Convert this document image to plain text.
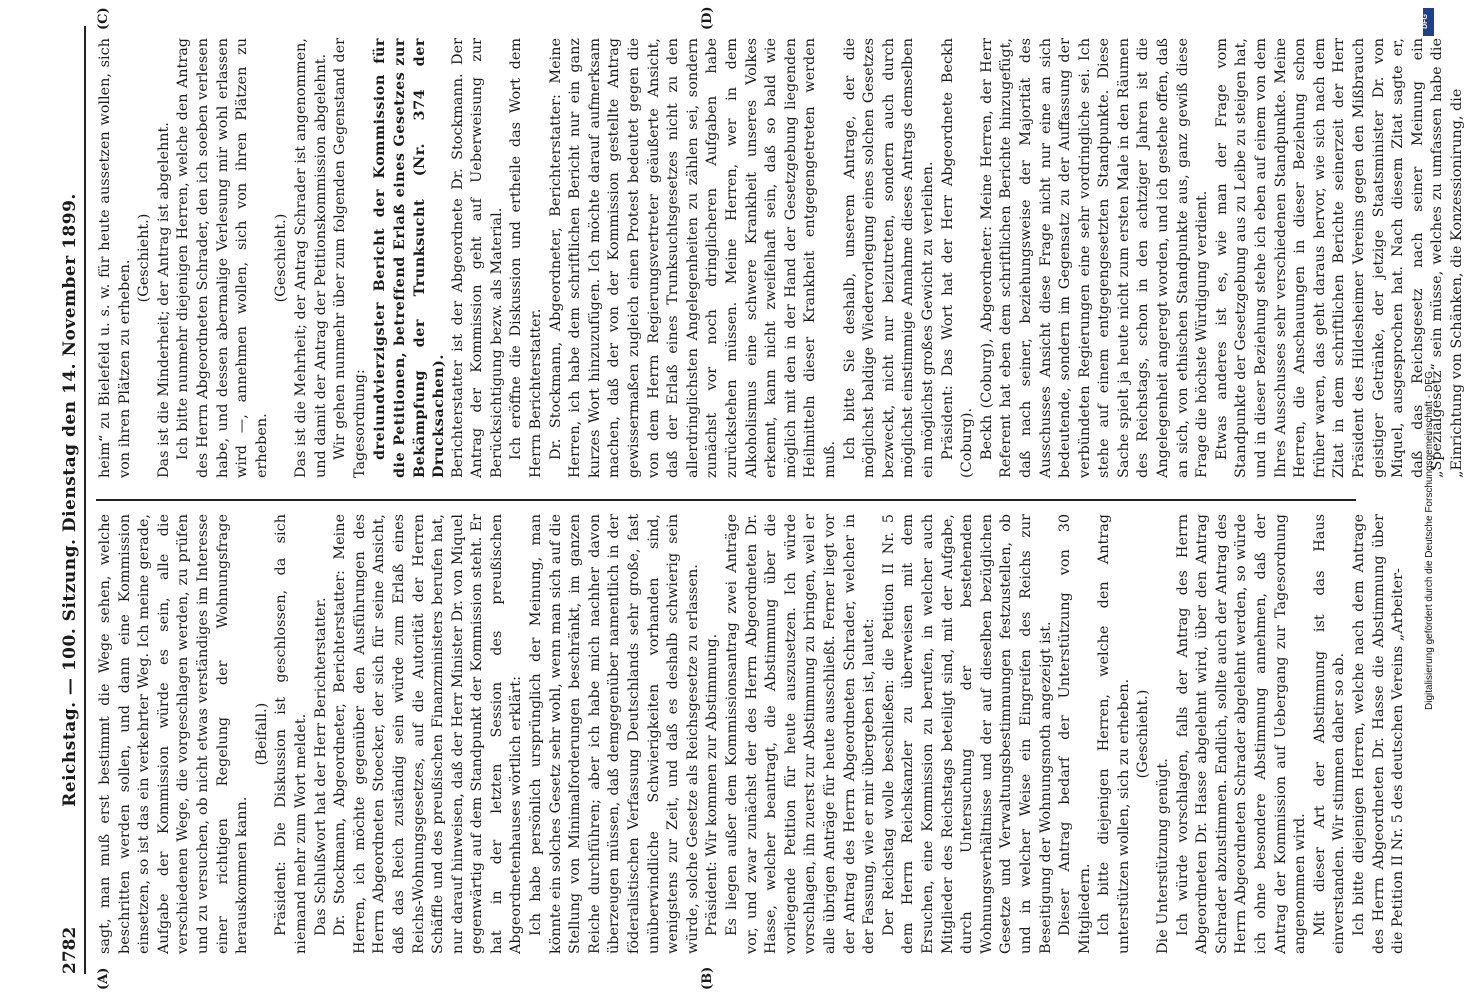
2782
Reichstag. — 100. Sitzung. Dienstag den 14. November 1899.
(A)	(B)
(C)	(D)

sagt, man muß erst bestimmt die Wege sehen, welche beschritten werden sollen, und dann eine Kommission einsetzen, so ist das ein verkehrter Weg. Ich meine gerade, Aufgabe der Kommission würde es sein, alle die verschiedenen Wege, die vorgeschlagen werden, zu prüfen und zu versuchen, ob nicht etwas verständiges im Interesse einer richtigen Regelung der Wohnungsfrage herauskommen kann.

(Beifall.) Präsident: Die Diskussion ist geschlossen, da sich niemand mehr zum Wort meldet. Das Schlußwort hat der Herr Berichterstatter. Dr. Stockmann, Abgeordneter, Berichterstatter: Meine Herren, ich möchte gegenüber den Ausführungen des Herrn Abgeordneten Stoecker, der sich für seine Ansicht, daß das Reich zuständig sein würde zum Erlaß eines Reichs-Wohnungsgesetzes, auf die Autorität der Herren Schäffle und des preußischen Finanzministers berufen hat, nur darauf hinweisen, daß der Herr Minister Dr. von Miquel gegenwärtig auf dem Standpunkt der Kommission steht. Er hat in der letzten Session des preußischen Abgeordnetenhauses wörtlich erklärt: Ich habe persönlich ursprünglich der Meinung, man könnte ein solches Gesetz sehr wohl, wenn man sich auf die Stellung von Minimalforderungen beschränkt, im ganzen Reiche durchführen; aber ich habe mich nachher davon überzeugen müssen, daß demgegenüber namentlich in der föderalistischen Verfassung Deutschlands sehr große, fast unüberwindliche Schwierigkeiten vorhanden sind, wenigstens zur Zeit, und daß es deshalb schwierig sein würde, solche Gesetze als Reichsgesetze zu erlassen. Präsident: Wir kommen zur Abstimmung. Es liegen außer dem Kommissionsantrag zwei Anträge vor, und zwar zunächst der des Herrn Abgeordneten Dr. Hasse, welcher beantragt, die Abstimmung über die vorliegende Petition für heute auszusetzen. Ich würde vorschlagen, ihn zuerst zur Abstimmung zu bringen, weil er alle übrigen Anträge für heute ausschließt. Ferner liegt vor der Antrag des Herrn Abgeordneten Schrader, welcher in der Fassung, wie er mir übergeben ist, lautet: Der Reichstag wolle beschließen: die Petition II Nr. 5 dem Herrn Reichskanzler zu überweisen mit dem Ersuchen, eine Kommission zu berufen, in welcher auch Mitglieder des Reichstags beteiligt sind, mit der Aufgabe, durch Untersuchung der bestehenden Wohnungsverhältnisse und der auf dieselben bezüglichen Gesetze und Verwaltungsbestimmungen festzustellen, ob und in welcher Weise ein Eingreifen des Reichs zur Beseitigung der Wohnungsnoth angezeigt ist. Dieser Antrag bedarf der Unterstützung von 30 Mitgliedern. Ich bitte diejenigen Herren, welche den Antrag unterstützen wollen, sich zu erheben. (Geschieht.)

Die Unterstützung genügt. Ich würde vorschlagen, falls der Antrag des Herrn Abgeordneten Dr. Hasse abgelehnt wird, über den Antrag Schrader abzustimmen. Endlich, sollte auch der Antrag des Herrn Abgeordneten Schrader abgelehnt werden, so würde ich ohne besondere Abstimmung annehmen, daß der Antrag der Kommission auf Uebergang zur Tagesordnung angenommen wird. Mit dieser Art der Abstimmung ist das Haus einverstanden. Wir stimmen daher so ab. Ich bitte diejenigen Herren, welche nach dem Antrage des Herrn Abgeordneten Dr. Hasse die Abstimmung über die Petition II Nr. 5 des deutschen Vereins „Arbeiter-

heim“ zu Bielefeld u. s. w. für heute aussetzen wollen, sich von ihren Plätzen zu erheben.

(Geschieht.) Das ist die Minderheit; der Antrag ist abgelehnt. Ich bitte nunmehr diejenigen Herren, welche den Antrag des Herrn Abgeordneten Schrader, den ich soeben verlesen habe, und dessen abermalige Verlesung mir wohl erlassen wird —, annehmen wollen, sich von ihren Plätzen zu erheben.

(Geschieht.) Das ist die Mehrheit; der Antrag Schrader ist angenommen, und damit der Antrag der Petitionskommission abgelehnt. Wir gehen nunmehr über zum folgenden Gegenstand der Tagesordnung: dreiundvierzigster Bericht der Kommission für die Petitionen, betreffend Erlaß eines Gesetzes zur Bekämpfung der Trunksucht (Nr. 374 der Drucksachen). Berichterstatter ist der Abgeordnete Dr. Stockmann. Der Antrag der Kommission geht auf Ueberweisung zur Berücksichtigung bezw. als Material. Ich eröffne die Diskussion und ertheile das Wort dem Herrn Berichterstatter. Dr. Stockmann, Abgeordneter, Berichterstatter: Meine Herren, ich habe dem schriftlichen Bericht nur ein ganz kurzes Wort hinzuzufügen. Ich möchte darauf aufmerksam machen, daß der von der Kommission gestellte Antrag gewissermaßen zugleich einen Protest bedeutet gegen die von dem Herrn Regierungsvertreter geäußerte Ansicht, daß der Erlaß eines Trunksuchtsgesetzes nicht zu den allerdringlichsten Angelegenheiten zu zählen sei, sondern zunächst vor noch dringlicheren Aufgaben habe zurückstehen müssen. Meine Herren, wer in dem Alkoholismus eine schwere Krankheit unseres Volkes erkennt, kann nicht zweifelhaft sein, daß so bald wie möglich mit den in der Hand der Gesetzgebung liegenden Heilmitteln dieser Krankheit entgegengetreten werden muß. Ich bitte Sie deshalb, unserem Antrage, der die möglichst baldige Wiedervorlegung eines solchen Gesetzes bezweckt, nicht nur beizutreten, sondern auch durch möglichst einstimmige Annahme dieses Antrags demselben ein möglichst großes Gewicht zu verleihen. Präsident: Das Wort hat der Herr Abgeordnete Beckh (Coburg). Beckh (Coburg), Abgeordneter: Meine Herren, der Herr Referent hat eben dem schriftlichen Berichte hinzugefügt, daß nach seiner, beziehungsweise der Majorität des Ausschusses Ansicht diese Frage nicht nur eine an sich bedeutende, sondern im Gegensatz zu der Auffassung der verbündeten Regierungen eine sehr vordringliche sei. Ich stehe auf einem entgegengesetzten Standpunkte. Diese Sache spielt ja heute nicht zum ersten Male in den Räumen des Reichstags, schon in den achtziger Jahren ist die Angelegenheit angeregt worden, und ich gestehe offen, daß an sich, von ethischen Standpunkte aus, ganz gewiß diese Frage die höchste Würdigung verdient. Etwas anderes ist es, wie man der Frage vom Standpunkte der Gesetzgebung aus zu Leibe zu steigen hat, und in dieser Beziehung stehe ich eben auf einem von dem Ihres Ausschusses sehr verschiedenen Standpunkte. Meine Herren, die Anschauungen in dieser Beziehung schon früher waren, das geht daraus hervor, wie sich nach dem Zitat in dem schriftlichen Berichte seinerzeit der Herr Präsident des Hildesheimer Vereins gegen den Mißbrauch geistiger Getränke, der jetzige Staatsminister Dr. von Miquel, ausgesprochen hat. Nach diesem Zitat sagte er, daß das Reichsgesetz nach seiner Meinung ein „Spezialgesetz“ sein müsse, welches zu umfassen habe die „Einrichtung von Schänken, die Konzessionirung, die

DFG
Digitalisierung gefördert durch die Deutsche Forschungsgemeinschaft - DFG
